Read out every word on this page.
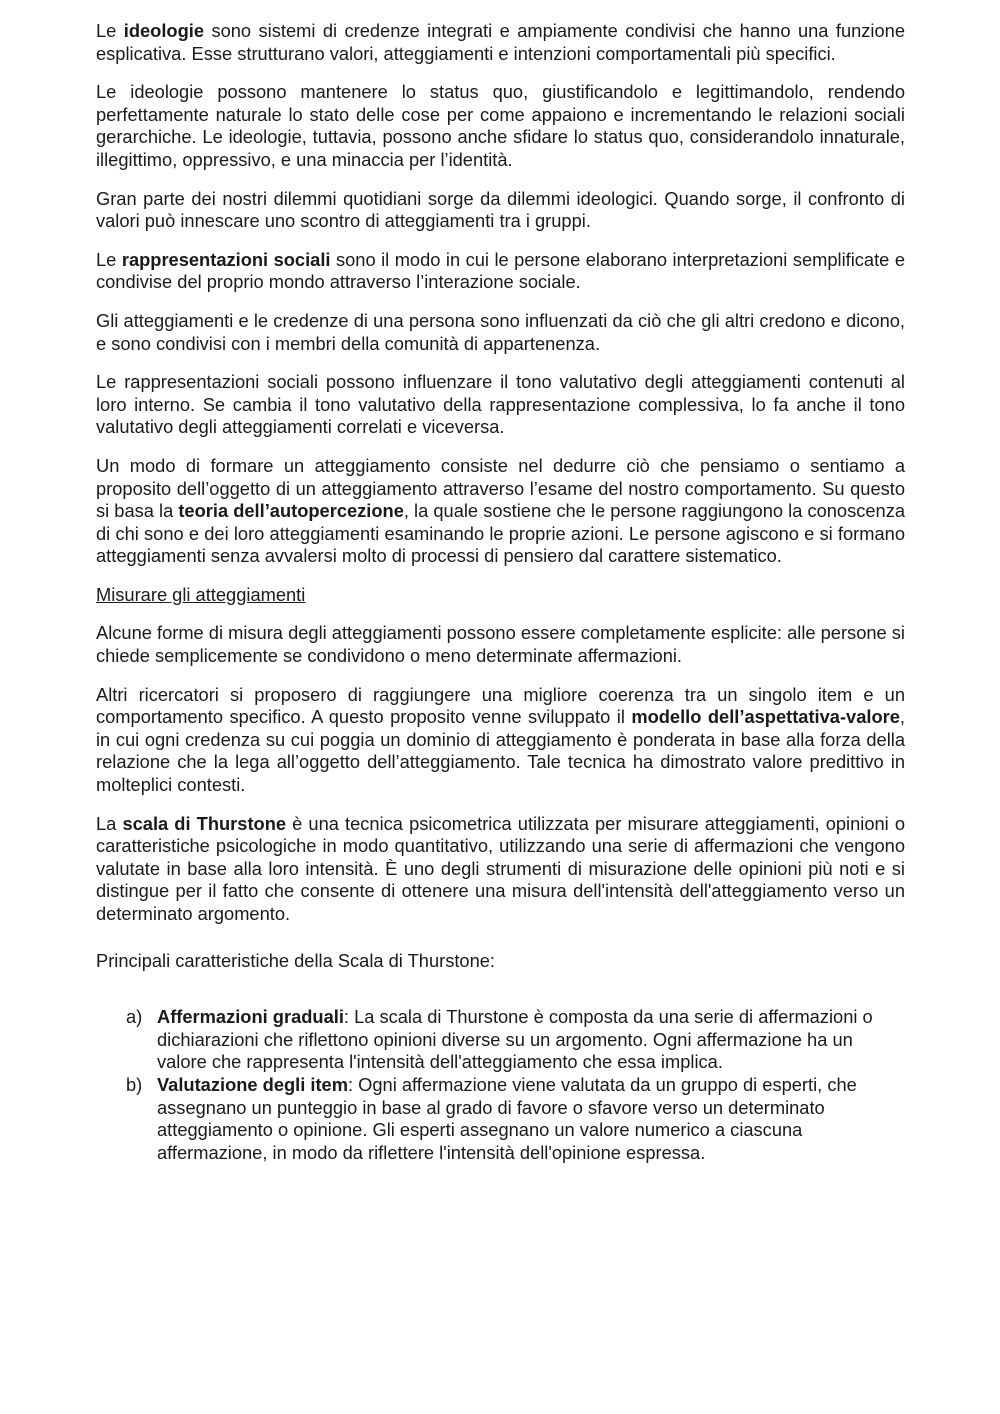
Le ideologie sono sistemi di credenze integrati e ampiamente condivisi che hanno una funzione esplicativa. Esse strutturano valori, atteggiamenti e intenzioni comportamentali più specifici.

Le ideologie possono mantenere lo status quo, giustificandolo e legittimandolo, rendendo perfettamente naturale lo stato delle cose per come appaiono e incrementando le relazioni sociali gerarchiche. Le ideologie, tuttavia, possono anche sfidare lo status quo, considerandolo innaturale, illegittimo, oppressivo, e una minaccia per l’identità.

Gran parte dei nostri dilemmi quotidiani sorge da dilemmi ideologici. Quando sorge, il confronto di valori può innescare uno scontro di atteggiamenti tra i gruppi.

Le rappresentazioni sociali sono il modo in cui le persone elaborano interpretazioni semplificate e condivise del proprio mondo attraverso l’interazione sociale.

Gli atteggiamenti e le credenze di una persona sono influenzati da ciò che gli altri credono e dicono, e sono condivisi con i membri della comunità di appartenenza.

Le rappresentazioni sociali possono influenzare il tono valutativo degli atteggiamenti contenuti al loro interno. Se cambia il tono valutativo della rappresentazione complessiva, lo fa anche il tono valutativo degli atteggiamenti correlati e viceversa.

Un modo di formare un atteggiamento consiste nel dedurre ciò che pensiamo o sentiamo a proposito dell’oggetto di un atteggiamento attraverso l’esame del nostro comportamento. Su questo si basa la teoria dell’autopercezione, la quale sostiene che le persone raggiungono la conoscenza di chi sono e dei loro atteggiamenti esaminando le proprie azioni. Le persone agiscono e si formano atteggiamenti senza avvalersi molto di processi di pensiero dal carattere sistematico.

Misurare gli atteggiamenti

Alcune forme di misura degli atteggiamenti possono essere completamente esplicite: alle persone si chiede semplicemente se condividono o meno determinate affermazioni.

Altri ricercatori si proposero di raggiungere una migliore coerenza tra un singolo item e un comportamento specifico. A questo proposito venne sviluppato il modello dell’aspettativa-valore, in cui ogni credenza su cui poggia un dominio di atteggiamento è ponderata in base alla forza della relazione che la lega all’oggetto dell’atteggiamento. Tale tecnica ha dimostrato valore predittivo in molteplici contesti.

La scala di Thurstone è una tecnica psicometrica utilizzata per misurare atteggiamenti, opinioni o caratteristiche psicologiche in modo quantitativo, utilizzando una serie di affermazioni che vengono valutate in base alla loro intensità. È uno degli strumenti di misurazione delle opinioni più noti e si distingue per il fatto che consente di ottenere una misura dell'intensità dell'atteggiamento verso un determinato argomento.

Principali caratteristiche della Scala di Thurstone:

a) Affermazioni graduali: La scala di Thurstone è composta da una serie di affermazioni o dichiarazioni che riflettono opinioni diverse su un argomento. Ogni affermazione ha un valore che rappresenta l'intensità dell'atteggiamento che essa implica.
b) Valutazione degli item: Ogni affermazione viene valutata da un gruppo di esperti, che assegnano un punteggio in base al grado di favore o sfavore verso un determinato atteggiamento o opinione. Gli esperti assegnano un valore numerico a ciascuna affermazione, in modo da riflettere l'intensità dell'opinione espressa.
